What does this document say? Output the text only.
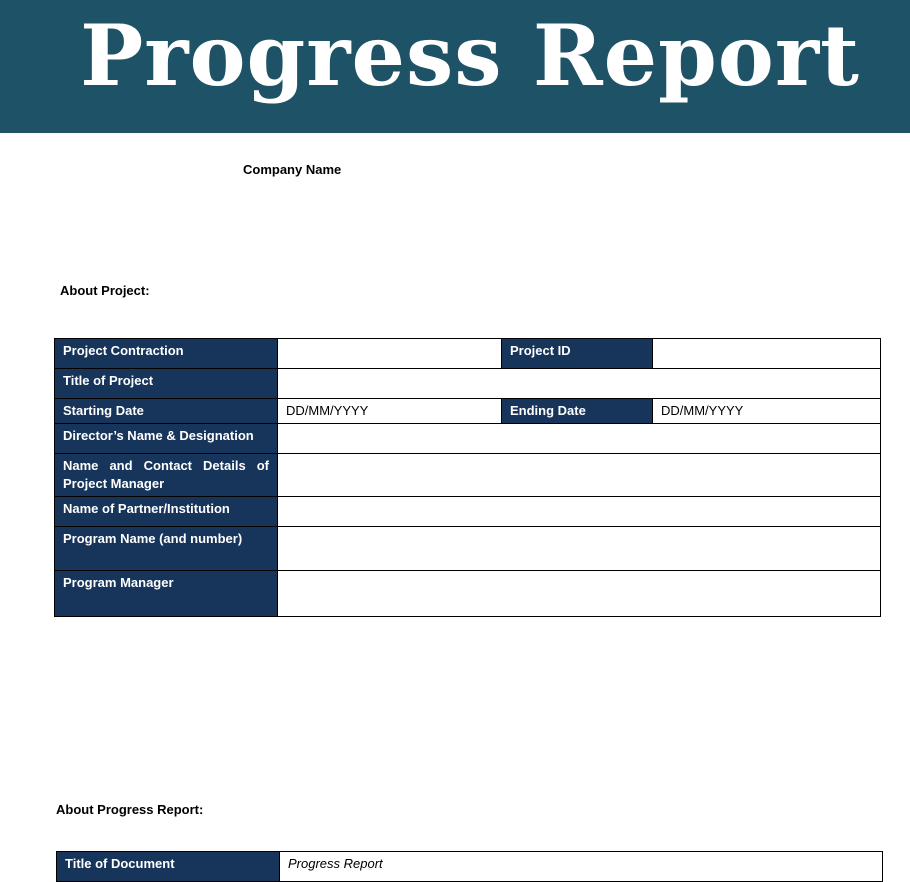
Progress Report
Company Name
About Project:
Project Contraction		Project ID	
Title of Project			
Starting Date	DD/MM/YYYY	Ending Date	DD/MM/YYYY
Director’s Name & Designation			
Name and Contact Details of Project Manager			
Name of Partner/Institution			
Program Name (and number)			
Program Manager			
About Progress Report:
Title of Document	Progress Report
